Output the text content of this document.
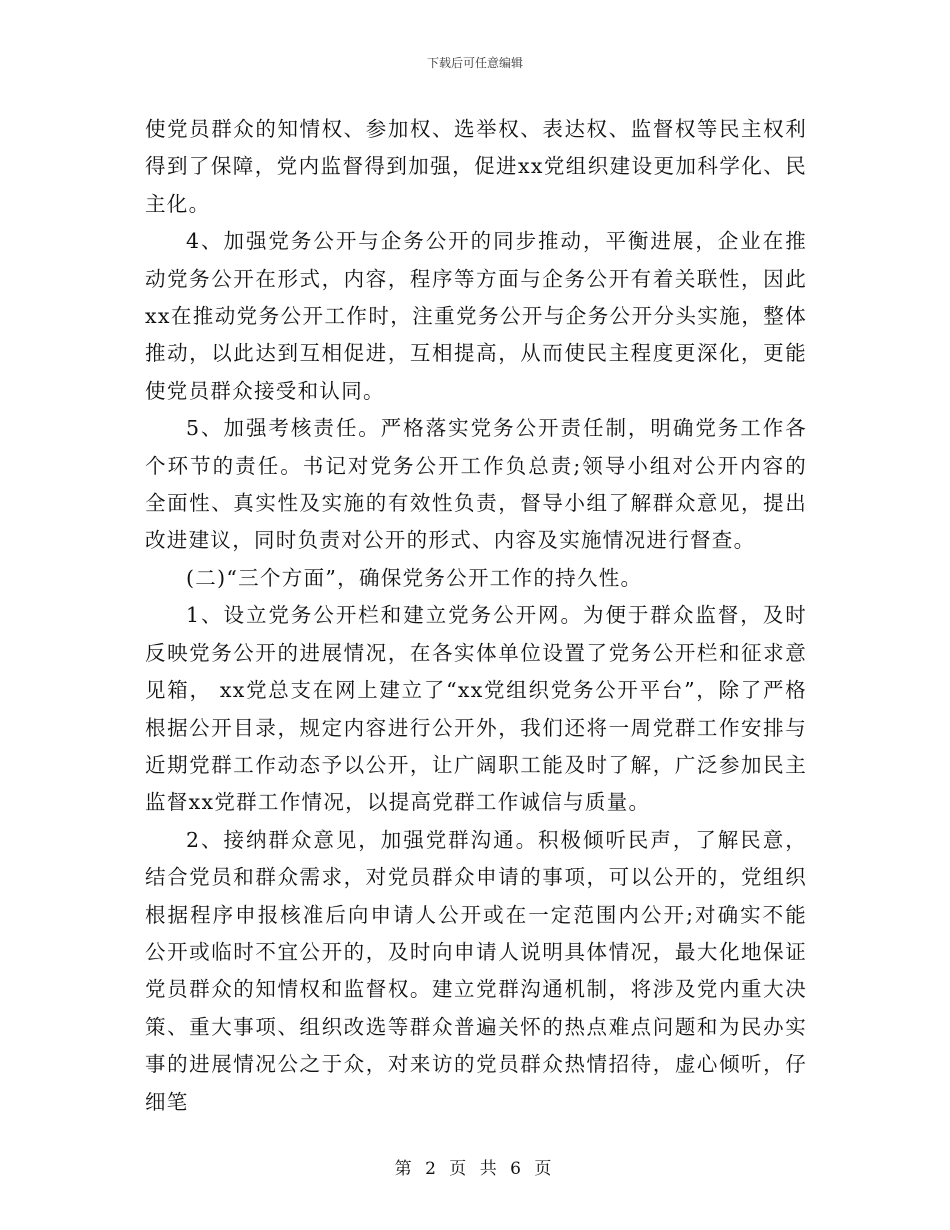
下载后可任意编辑

使党员群众的知情权、参加权、选举权、表达权、监督权等民主权利得到了保障，党内监督得到加强，促进xx党组织建设更加科学化、民主化。

4、加强党务公开与企务公开的同步推动，平衡进展，企业在推动党务公开在形式，内容，程序等方面与企务公开有着关联性，因此xx在推动党务公开工作时，注重党务公开与企务公开分头实施，整体推动，以此达到互相促进，互相提高，从而使民主程度更深化，更能使党员群众接受和认同。

5、加强考核责任。严格落实党务公开责任制，明确党务工作各个环节的责任。书记对党务公开工作负总责;领导小组对公开内容的全面性、真实性及实施的有效性负责，督导小组了解群众意见，提出改进建议，同时负责对公开的形式、内容及实施情况进行督查。

(二)“三个方面”，确保党务公开工作的持久性。

1、设立党务公开栏和建立党务公开网。为便于群众监督，及时反映党务公开的进展情况，在各实体单位设置了党务公开栏和征求意见箱， xx党总支在网上建立了“xx党组织党务公开平台”，除了严格根据公开目录，规定内容进行公开外，我们还将一周党群工作安排与近期党群工作动态予以公开，让广阔职工能及时了解，广泛参加民主监督xx党群工作情况，以提高党群工作诚信与质量。

2、接纳群众意见，加强党群沟通。积极倾听民声，了解民意，结合党员和群众需求，对党员群众申请的事项，可以公开的，党组织根据程序申报核准后向申请人公开或在一定范围内公开;对确实不能公开或临时不宜公开的，及时向申请人说明具体情况，最大化地保证党员群众的知情权和监督权。建立党群沟通机制，将涉及党内重大决策、重大事项、组织改选等群众普遍关怀的热点难点问题和为民办实事的进展情况公之于众，对来访的党员群众热情招待，虚心倾听，仔细笔

第 2 页 共 6 页
